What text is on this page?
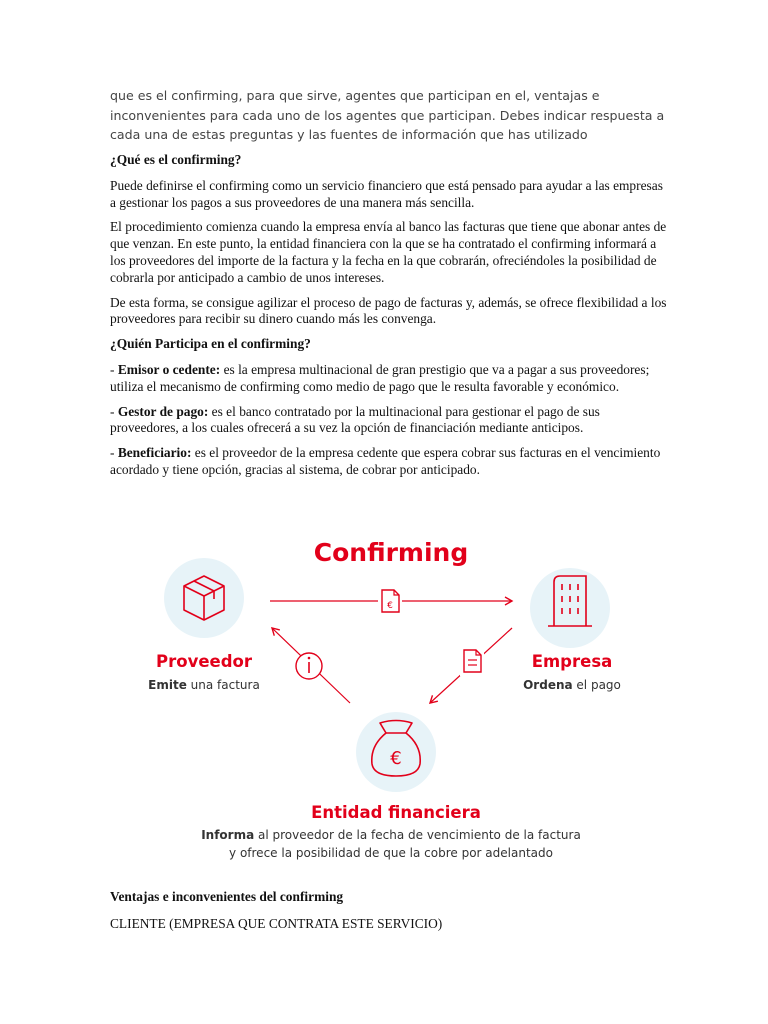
que es el confirming, para que sirve, agentes que participan en el, ventajas e inconvenientes para cada uno de los agentes que participan. Debes indicar respuesta a cada una de estas preguntas y las fuentes de información que has utilizado
¿Qué es el confirming?

Puede definirse el confirming como un servicio financiero que está pensado para ayudar a las empresas a gestionar los pagos a sus proveedores de una manera más sencilla.

El procedimiento comienza cuando la empresa envía al banco las facturas que tiene que abonar antes de que venzan. En este punto, la entidad financiera con la que se ha contratado el confirming informará a los proveedores del importe de la factura y la fecha en la que cobrarán, ofreciéndoles la posibilidad de cobrarla por anticipado a cambio de unos intereses.

De esta forma, se consigue agilizar el proceso de pago de facturas y, además, se ofrece flexibilidad a los proveedores para recibir su dinero cuando más les convenga.

¿Quién Participa en el confirming?

- Emisor o cedente: es la empresa multinacional de gran prestigio que va a pagar a sus proveedores; utiliza el mecanismo de confirming como medio de pago que le resulta favorable y económico.

- Gestor de pago: es el banco contratado por la multinacional para gestionar el pago de sus proveedores, a los cuales ofrecerá a su vez la opción de financiación mediante anticipos.

- Beneficiario: es el proveedor de la empresa cedente que espera cobrar sus facturas en el vencimiento acordado y tiene opción, gracias al sistema, de cobrar por anticipado.

Confirming
€
€
Proveedor
Emite una factura
Empresa
Ordena el pago
Entidad financiera
Informa al proveedor de la fecha de vencimiento de la factura
y ofrece la posibilidad de que la cobre por adelantado
Ventajas e inconvenientes del confirming

CLIENTE (EMPRESA QUE CONTRATA ESTE SERVICIO)
